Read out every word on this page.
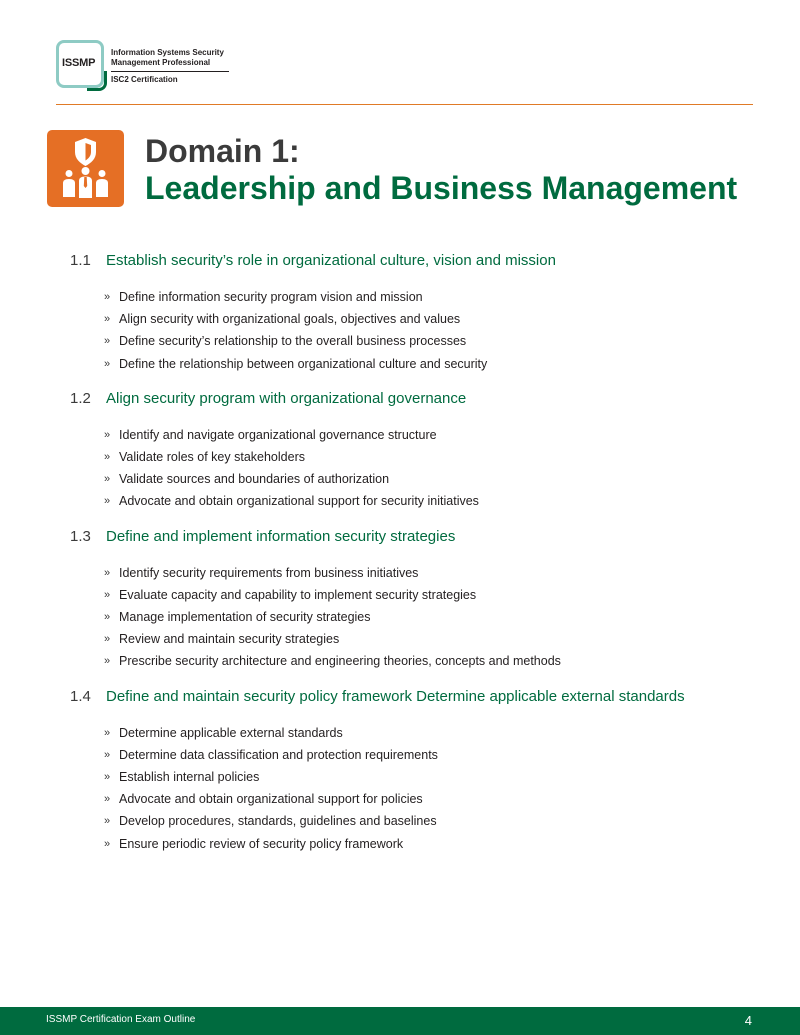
ISSMP
Information Systems Security
Management Professional
ISC2 Certification
Domain 1:
Leadership and Business Management
1.1	Establish security’s role in organizational culture, vision and mission
» Define information security program vision and mission
» Align security with organizational goals, objectives and values
» Define security’s relationship to the overall business processes
» Define the relationship between organizational culture and security
1.2	Align security program with organizational governance
» Identify and navigate organizational governance structure
» Validate roles of key stakeholders
» Validate sources and boundaries of authorization
» Advocate and obtain organizational support for security initiatives
1.3	Define and implement information security strategies
» Identify security requirements from business initiatives
» Evaluate capacity and capability to implement security strategies
» Manage implementation of security strategies
» Review and maintain security strategies
» Prescribe security architecture and engineering theories, concepts and methods
1.4	Define and maintain security policy framework Determine applicable external standards
» Determine applicable external standards
» Determine data classification and protection requirements
» Establish internal policies
» Advocate and obtain organizational support for policies
» Develop procedures, standards, guidelines and baselines
» Ensure periodic review of security policy framework
ISSMP Certification Exam Outline	4
